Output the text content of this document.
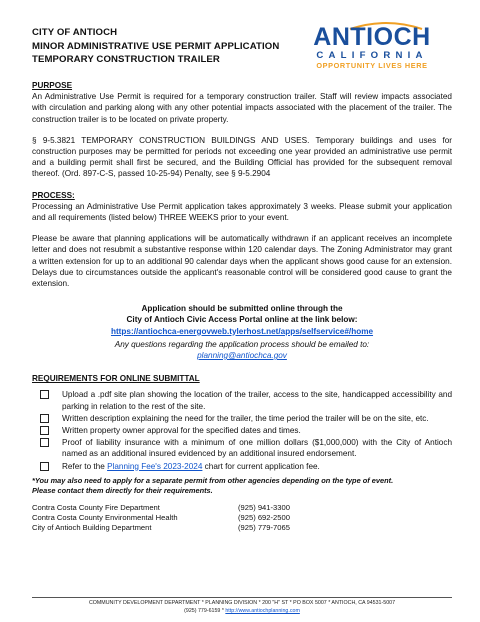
CITY OF ANTIOCH
MINOR ADMINISTRATIVE USE PERMIT APPLICATION
TEMPORARY CONSTRUCTION TRAILER
ANTIOCH
CALIFORNIA
OPPORTUNITY LIVES HERE

PURPOSE

An Administrative Use Permit is required for a temporary construction trailer. Staff will review impacts associated with circulation and parking along with any other potential impacts associated with the placement of the trailer. The construction trailer is to be located on private property.

§ 9-5.3821 TEMPORARY CONSTRUCTION BUILDINGS AND USES. Temporary buildings and uses for construction purposes may be permitted for periods not exceeding one year provided an administrative use permit and a building permit shall first be secured, and the Building Official has provided for the subsequent removal thereof. (Ord. 897-C-S, passed 10-25-94) Penalty, see § 9-5.2904

PROCESS:

Processing an Administrative Use Permit application takes approximately 3 weeks. Please submit your application and all requirements (listed below) THREE WEEKS prior to your event.

Please be aware that planning applications will be automatically withdrawn if an applicant receives an incomplete letter and does not resubmit a substantive response within 120 calendar days. The Zoning Administrator may grant a written extension for up to an additional 90 calendar days when the applicant shows good cause for an extension. Delays due to circumstances outside the applicant's reasonable control will be considered good cause to grant the extension.

Application should be submitted online through the

City of Antioch Civic Access Portal online at the link below:

https://antiochca-energovweb.tylerhost.net/apps/selfservice#/home

Any questions regarding the application process should be emailed to:

planning@antiochca.gov

REQUIREMENTS FOR ONLINE SUBMITTAL

Upload a .pdf site plan showing the location of the trailer, access to the site, handicapped accessibility and parking in relation to the rest of the site.
Written description explaining the need for the trailer, the time period the trailer will be on the site, etc.
Written property owner approval for the specified dates and times.
Proof of liability insurance with a minimum of one million dollars ($1,000,000) with the City of Antioch named as an additional insured evidenced by an additional insured endorsement.
Refer to the Planning Fee's 2023-2024 chart for current application fee.
*You may also need to apply for a separate permit from other agencies depending on the type of event.
Please contact them directly for their requirements.
Contra Costa County Fire Department	(925) 941-3300
Contra Costa County Environmental Health	(925) 692-2500
City of Antioch Building Department	(925) 779-7065
COMMUNITY DEVELOPMENT DEPARTMENT * PLANNING DIVISION * 200 "H" ST * PO BOX 5007 * ANTIOCH, CA 94531-5007
(925) 779-6159 * http://www.antiochplanning.com
